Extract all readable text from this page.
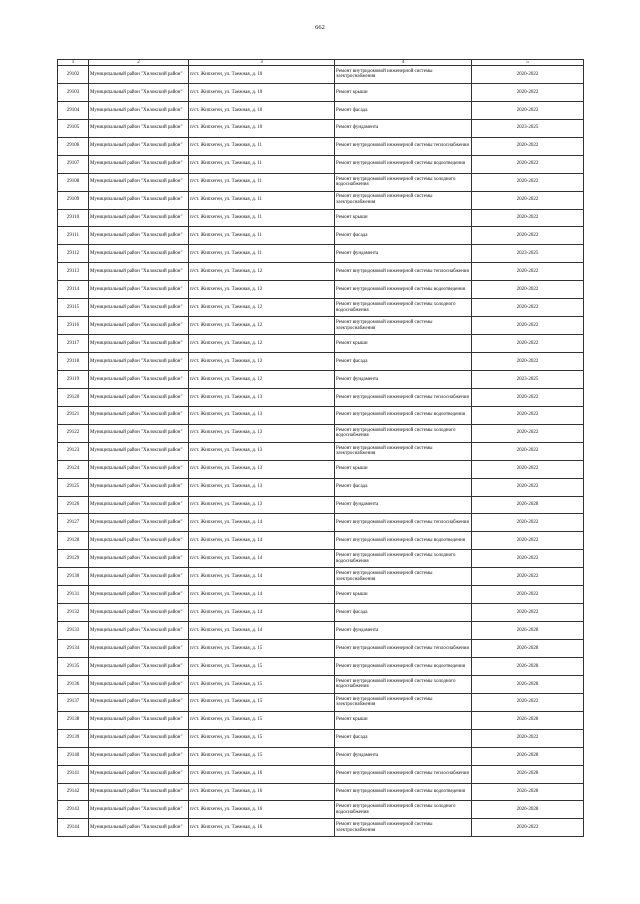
662
1	2	3	4	5
29102	Муниципальный район "Хилокский район"	п/ст. Жипхеген, ул. Таежная, д. 10	Ремонт внутридомовой инженерной системы электроснабжения	2020-2022
29103	Муниципальный район "Хилокский район"	п/ст. Жипхеген, ул. Таежная, д. 10	Ремонт крыши	2020-2022
29104	Муниципальный район "Хилокский район"	п/ст. Жипхеген, ул. Таежная, д. 10	Ремонт фасада	2020-2022
29105	Муниципальный район "Хилокский район"	п/ст. Жипхеген, ул. Таежная, д. 10	Ремонт фундамента	2023-2025
29106	Муниципальный район "Хилокский район"	п/ст. Жипхеген, ул. Таежная, д. 11	Ремонт внутридомовой инженерной системы теплоснабжения	2020-2022
29107	Муниципальный район "Хилокский район"	п/ст. Жипхеген, ул. Таежная, д. 11	Ремонт внутридомовой инженерной системы водоотведения	2020-2022
29108	Муниципальный район "Хилокский район"	п/ст. Жипхеген, ул. Таежная, д. 11	Ремонт внутридомовой инженерной системы холодного водоснабжения	2020-2022
29109	Муниципальный район "Хилокский район"	п/ст. Жипхеген, ул. Таежная, д. 11	Ремонт внутридомовой инженерной системы электроснабжения	2020-2022
29110	Муниципальный район "Хилокский район"	п/ст. Жипхеген, ул. Таежная, д. 11	Ремонт крыши	2020-2022
29111	Муниципальный район "Хилокский район"	п/ст. Жипхеген, ул. Таежная, д. 11	Ремонт фасада	2020-2022
29112	Муниципальный район "Хилокский район"	п/ст. Жипхеген, ул. Таежная, д. 11	Ремонт фундамента	2023-2025
29113	Муниципальный район "Хилокский район"	п/ст. Жипхеген, ул. Таежная, д. 12	Ремонт внутридомовой инженерной системы теплоснабжения	2020-2022
29114	Муниципальный район "Хилокский район"	п/ст. Жипхеген, ул. Таежная, д. 12	Ремонт внутридомовой инженерной системы водоотведения	2020-2022
29115	Муниципальный район "Хилокский район"	п/ст. Жипхеген, ул. Таежная, д. 12	Ремонт внутридомовой инженерной системы холодного водоснабжения	2020-2022
29116	Муниципальный район "Хилокский район"	п/ст. Жипхеген, ул. Таежная, д. 12	Ремонт внутридомовой инженерной системы электроснабжения	2020-2022
29117	Муниципальный район "Хилокский район"	п/ст. Жипхеген, ул. Таежная, д. 12	Ремонт крыши	2020-2022
29118	Муниципальный район "Хилокский район"	п/ст. Жипхеген, ул. Таежная, д. 12	Ремонт фасада	2020-2022
29119	Муниципальный район "Хилокский район"	п/ст. Жипхеген, ул. Таежная, д. 12	Ремонт фундамента	2023-2025
29120	Муниципальный район "Хилокский район"	п/ст. Жипхеген, ул. Таежная, д. 13	Ремонт внутридомовой инженерной системы теплоснабжения	2020-2022
29121	Муниципальный район "Хилокский район"	п/ст. Жипхеген, ул. Таежная, д. 13	Ремонт внутридомовой инженерной системы водоотведения	2020-2022
29122	Муниципальный район "Хилокский район"	п/ст. Жипхеген, ул. Таежная, д. 13	Ремонт внутридомовой инженерной системы холодного водоснабжения	2020-2022
29123	Муниципальный район "Хилокский район"	п/ст. Жипхеген, ул. Таежная, д. 13	Ремонт внутридомовой инженерной системы электроснабжения	2020-2022
29124	Муниципальный район "Хилокский район"	п/ст. Жипхеген, ул. Таежная, д. 13	Ремонт крыши	2020-2022
29125	Муниципальный район "Хилокский район"	п/ст. Жипхеген, ул. Таежная, д. 13	Ремонт фасада	2020-2022
29126	Муниципальный район "Хилокский район"	п/ст. Жипхеген, ул. Таежная, д. 13	Ремонт фундамента	2026-2028
29127	Муниципальный район "Хилокский район"	п/ст. Жипхеген, ул. Таежная, д. 14	Ремонт внутридомовой инженерной системы теплоснабжения	2020-2022
29128	Муниципальный район "Хилокский район"	п/ст. Жипхеген, ул. Таежная, д. 14	Ремонт внутридомовой инженерной системы водоотведения	2020-2022
29129	Муниципальный район "Хилокский район"	п/ст. Жипхеген, ул. Таежная, д. 14	Ремонт внутридомовой инженерной системы холодного водоснабжения	2020-2022
29130	Муниципальный район "Хилокский район"	п/ст. Жипхеген, ул. Таежная, д. 14	Ремонт внутридомовой инженерной системы электроснабжения	2020-2022
29131	Муниципальный район "Хилокский район"	п/ст. Жипхеген, ул. Таежная, д. 14	Ремонт крыши	2020-2022
29132	Муниципальный район "Хилокский район"	п/ст. Жипхеген, ул. Таежная, д. 14	Ремонт фасада	2020-2022
29133	Муниципальный район "Хилокский район"	п/ст. Жипхеген, ул. Таежная, д. 14	Ремонт фундамента	2026-2028
29134	Муниципальный район "Хилокский район"	п/ст. Жипхеген, ул. Таежная, д. 15	Ремонт внутридомовой инженерной системы теплоснабжения	2026-2028
29135	Муниципальный район "Хилокский район"	п/ст. Жипхеген, ул. Таежная, д. 15	Ремонт внутридомовой инженерной системы водоотведения	2026-2028
29136	Муниципальный район "Хилокский район"	п/ст. Жипхеген, ул. Таежная, д. 15	Ремонт внутридомовой инженерной системы холодного водоснабжения	2026-2028
29137	Муниципальный район "Хилокский район"	п/ст. Жипхеген, ул. Таежная, д. 15	Ремонт внутридомовой инженерной системы электроснабжения	2020-2022
29138	Муниципальный район "Хилокский район"	п/ст. Жипхеген, ул. Таежная, д. 15	Ремонт крыши	2026-2028
29139	Муниципальный район "Хилокский район"	п/ст. Жипхеген, ул. Таежная, д. 15	Ремонт фасада	2020-2022
29140	Муниципальный район "Хилокский район"	п/ст. Жипхеген, ул. Таежная, д. 15	Ремонт фундамента	2026-2028
29141	Муниципальный район "Хилокский район"	п/ст. Жипхеген, ул. Таежная, д. 16	Ремонт внутридомовой инженерной системы теплоснабжения	2026-2028
29142	Муниципальный район "Хилокский район"	п/ст. Жипхеген, ул. Таежная, д. 16	Ремонт внутридомовой инженерной системы водоотведения	2026-2028
29143	Муниципальный район "Хилокский район"	п/ст. Жипхеген, ул. Таежная, д. 16	Ремонт внутридомовой инженерной системы холодного водоснабжения	2026-2028
29144	Муниципальный район "Хилокский район"	п/ст. Жипхеген, ул. Таежная, д. 16	Ремонт внутридомовой инженерной системы электроснабжения	2020-2022
